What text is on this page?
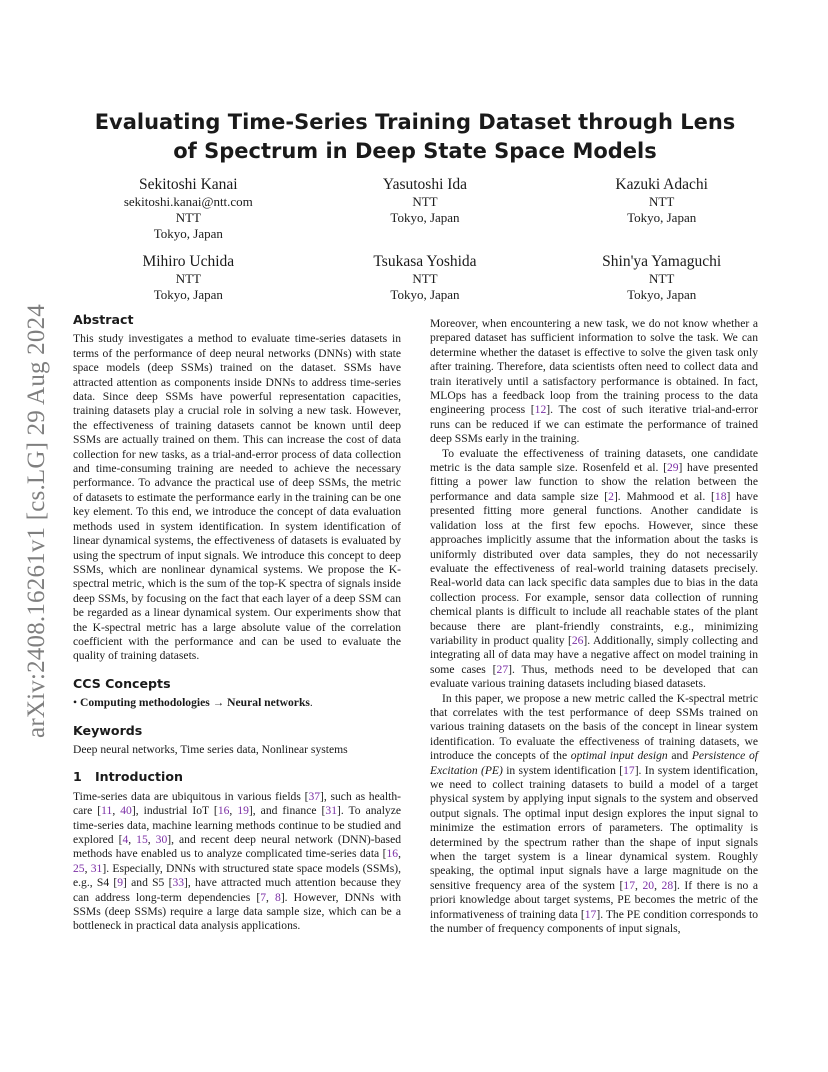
arXiv:2408.16261v1 [cs.LG] 29 Aug 2024
Evaluating Time-Series Training Dataset through Lens of Spectrum in Deep State Space Models
Sekitoshi Kanai
sekitoshi.kanai@ntt.com
NTT
Tokyo, Japan
Yasutoshi Ida
NTT
Tokyo, Japan
Kazuki Adachi
NTT
Tokyo, Japan
Mihiro Uchida
NTT
Tokyo, Japan
Tsukasa Yoshida
NTT
Tokyo, Japan
Shin'ya Yamaguchi
NTT
Tokyo, Japan
Abstract

This study investigates a method to evaluate time-series datasets in terms of the performance of deep neural networks (DNNs) with state space models (deep SSMs) trained on the dataset. SSMs have attracted attention as components inside DNNs to address time-series data. Since deep SSMs have powerful representation capacities, training datasets play a crucial role in solving a new task. However, the effectiveness of training datasets cannot be known until deep SSMs are actually trained on them. This can increase the cost of data collection for new tasks, as a trial-and-error process of data collection and time-consuming training are needed to achieve the necessary performance. To advance the practical use of deep SSMs, the metric of datasets to estimate the performance early in the training can be one key element. To this end, we introduce the concept of data evaluation methods used in system identification. In system identification of linear dynamical systems, the effectiveness of datasets is evaluated by using the spectrum of input signals. We introduce this concept to deep SSMs, which are nonlinear dynamical systems. We propose the K-spectral metric, which is the sum of the top-K spectra of signals inside deep SSMs, by focusing on the fact that each layer of a deep SSM can be regarded as a linear dynamical system. Our experiments show that the K-spectral metric has a large absolute value of the correlation coefficient with the performance and can be used to evaluate the quality of training datasets.

CCS Concepts

• Computing methodologies → Neural networks.

Keywords

Deep neural networks, Time series data, Nonlinear systems

1 Introduction

Time-series data are ubiquitous in various fields [37], such as health-care [11, 40], industrial IoT [16, 19], and finance [31]. To analyze time-series data, machine learning methods continue to be studied and explored [4, 15, 30], and recent deep neural network (DNN)-based methods have enabled us to analyze complicated time-series data [16, 25, 31]. Especially, DNNs with structured state space models (SSMs), e.g., S4 [9] and S5 [33], have attracted much attention because they can address long-term dependencies [7, 8]. However, DNNs with SSMs (deep SSMs) require a large data sample size, which can be a bottleneck in practical data analysis applications.

Moreover, when encountering a new task, we do not know whether a prepared dataset has sufficient information to solve the task. We can determine whether the dataset is effective to solve the given task only after training. Therefore, data scientists often need to collect data and train iteratively until a satisfactory performance is obtained. In fact, MLOps has a feedback loop from the training process to the data engineering process [12]. The cost of such iterative trial-and-error runs can be reduced if we can estimate the performance of trained deep SSMs early in the training.

To evaluate the effectiveness of training datasets, one candidate metric is the data sample size. Rosenfeld et al. [29] have presented fitting a power law function to show the relation between the performance and data sample size [2]. Mahmood et al. [18] have presented fitting more general functions. Another candidate is validation loss at the first few epochs. However, since these approaches implicitly assume that the information about the tasks is uniformly distributed over data samples, they do not necessarily evaluate the effectiveness of real-world training datasets precisely. Real-world data can lack specific data samples due to bias in the data collection process. For example, sensor data collection of running chemical plants is difficult to include all reachable states of the plant because there are plant-friendly constraints, e.g., minimizing variability in product quality [26]. Additionally, simply collecting and integrating all of data may have a negative affect on model training in some cases [27]. Thus, methods need to be developed that can evaluate various training datasets including biased datasets.

In this paper, we propose a new metric called the K-spectral metric that correlates with the test performance of deep SSMs trained on various training datasets on the basis of the concept in linear system identification. To evaluate the effectiveness of training datasets, we introduce the concepts of the optimal input design and Persistence of Excitation (PE) in system identification [17]. In system identification, we need to collect training datasets to build a model of a target physical system by applying input signals to the system and observed output signals. The optimal input design explores the input signal to minimize the estimation errors of parameters. The optimality is determined by the spectrum rather than the shape of input signals when the target system is a linear dynamical system. Roughly speaking, the optimal input signals have a large magnitude on the sensitive frequency area of the system [17, 20, 28]. If there is no a priori knowledge about target systems, PE becomes the metric of the informativeness of training data [17]. The PE condition corresponds to the number of frequency components of input signals,
